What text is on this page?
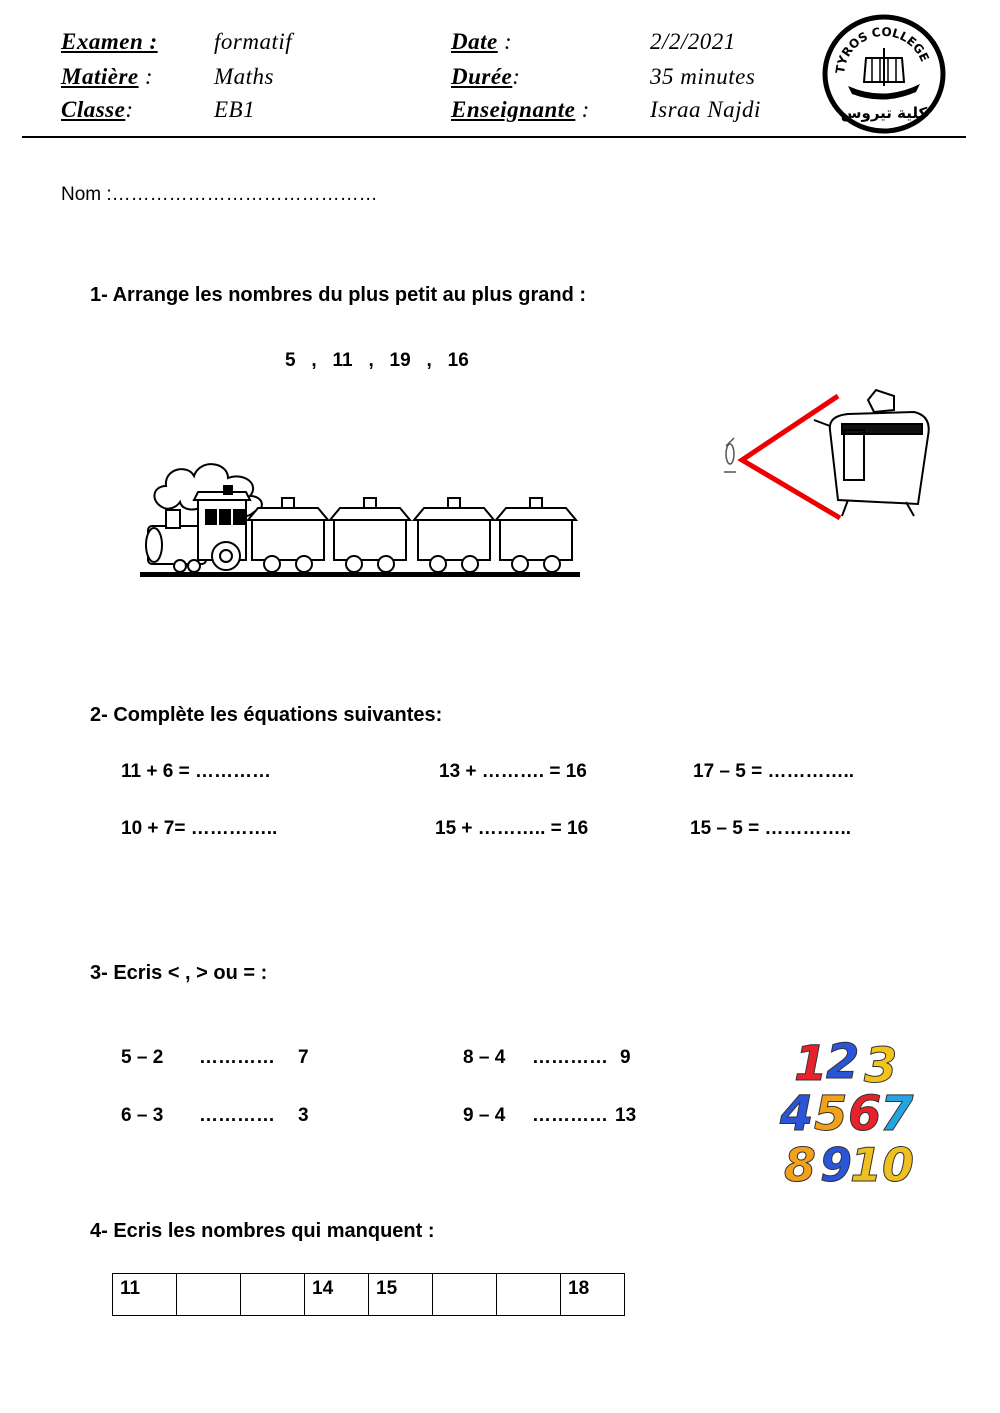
Examen : formatif
Matière :	Maths
Classe:	EB1
Date :	2/2/2021
Durée:	35 minutes
Enseignante :	Israa Najdi
TYROS COLLEGE
كلية تيروس
Nom :……………………………………
1- Arrange les nombres du plus petit au plus grand :
5   ,   11   ,   19   ,   16
2- Complète les équations suivantes:
11 + 6 = …………	13 + ………. = 16	17 – 5 = …………..
10 + 7= …………..	15 + ……….. = 16	15 – 5 = …………..
3- Ecris < , > ou = :
5 – 2 ………… 7	8 – 4 ………… 9
6 – 3 ………… 3	9 – 4 ………… 13
1
2 3
4 5 6
7
8 9
10
4- Ecris les nombres qui manquent :
11			14	15			18
